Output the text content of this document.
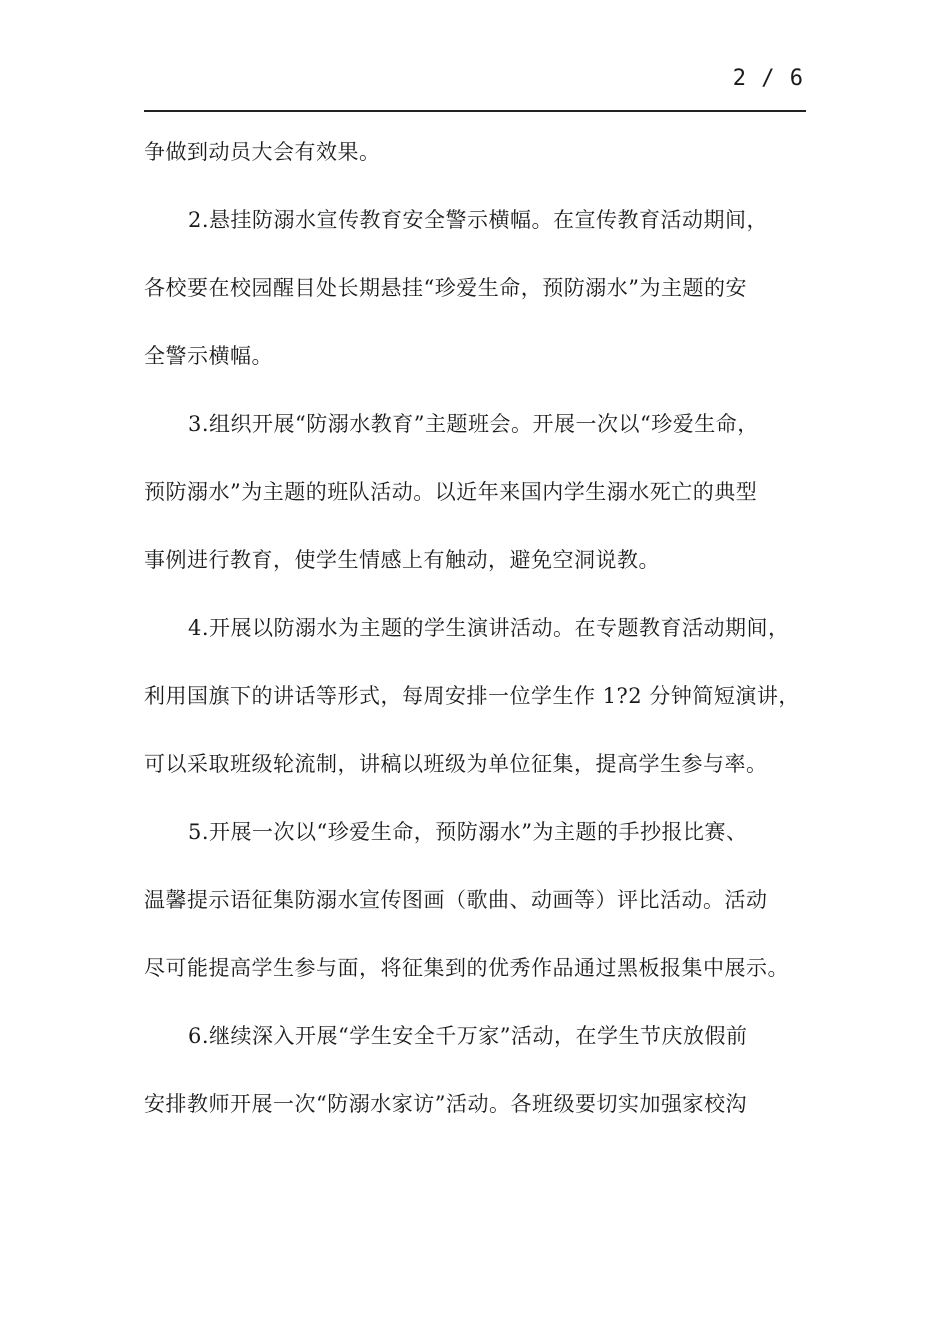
2 / 6
争做到动员大会有效果。
2.悬挂防溺水宣传教育安全警示横幅。在宣传教育活动期间，
各校要在校园醒目处长期悬挂“珍爱生命，预防溺水”为主题的安
全警示横幅。
3.组织开展“防溺水教育”主题班会。开展一次以“珍爱生命，
预防溺水”为主题的班队活动。以近年来国内学生溺水死亡的典型
事例进行教育，使学生情感上有触动，避免空洞说教。
4.开展以防溺水为主题的学生演讲活动。在专题教育活动期间，
利用国旗下的讲话等形式，每周安排一位学生作 1?2 分钟简短演讲，
可以采取班级轮流制，讲稿以班级为单位征集，提高学生参与率。
5.开展一次以“珍爱生命，预防溺水”为主题的手抄报比赛、
温馨提示语征集防溺水宣传图画（歌曲、动画等）评比活动。活动
尽可能提高学生参与面，将征集到的优秀作品通过黑板报集中展示。
6.继续深入开展“学生安全千万家”活动，在学生节庆放假前
安排教师开展一次“防溺水家访”活动。各班级要切实加强家校沟
